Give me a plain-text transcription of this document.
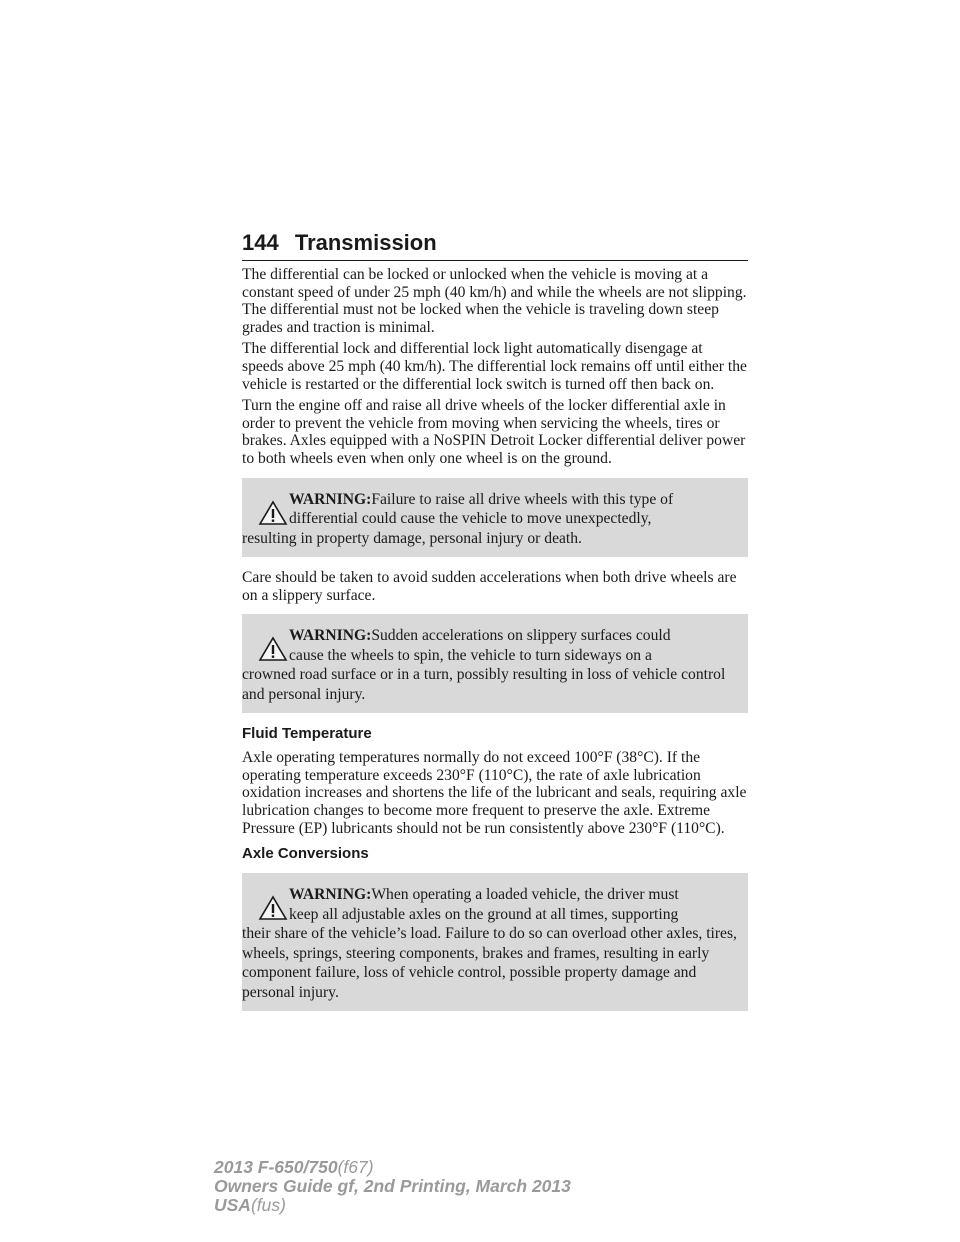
144 Transmission

The differential can be locked or unlocked when the vehicle is moving at a constant speed of under 25 mph (40 km/h) and while the wheels are not slipping. The differential must not be locked when the vehicle is traveling down steep grades and traction is minimal.

The differential lock and differential lock light automatically disengage at speeds above 25 mph (40 km/h). The differential lock remains off until either the vehicle is restarted or the differential lock switch is turned off then back on.

Turn the engine off and raise all drive wheels of the locker differential axle in order to prevent the vehicle from moving when servicing the wheels, tires or brakes. Axles equipped with a NoSPIN Detroit Locker differential deliver power to both wheels even when only one wheel is on the ground.

WARNING:Failure to raise all drive wheels with this type of
differential could cause the vehicle to move unexpectedly,
resulting in property damage, personal injury or death.

Care should be taken to avoid sudden accelerations when both drive wheels are on a slippery surface.

WARNING:Sudden accelerations on slippery surfaces could
cause the wheels to spin, the vehicle to turn sideways on a
crowned road surface or in a turn, possibly resulting in loss of vehicle control and personal injury.

Fluid Temperature

Axle operating temperatures normally do not exceed 100°F (38°C). If the operating temperature exceeds 230°F (110°C), the rate of axle lubrication oxidation increases and shortens the life of the lubricant and seals, requiring axle lubrication changes to become more frequent to preserve the axle. Extreme Pressure (EP) lubricants should not be run consistently above 230°F (110°C).

Axle Conversions

WARNING:When operating a loaded vehicle, the driver must
keep all adjustable axles on the ground at all times, supporting
their share of the vehicle’s load. Failure to do so can overload other axles, tires, wheels, springs, steering components, brakes and frames, resulting in early component failure, loss of vehicle control, possible property damage and personal injury.

2013 F-650/750(f67)
Owners Guide gf, 2nd Printing, March 2013
USA(fus)
